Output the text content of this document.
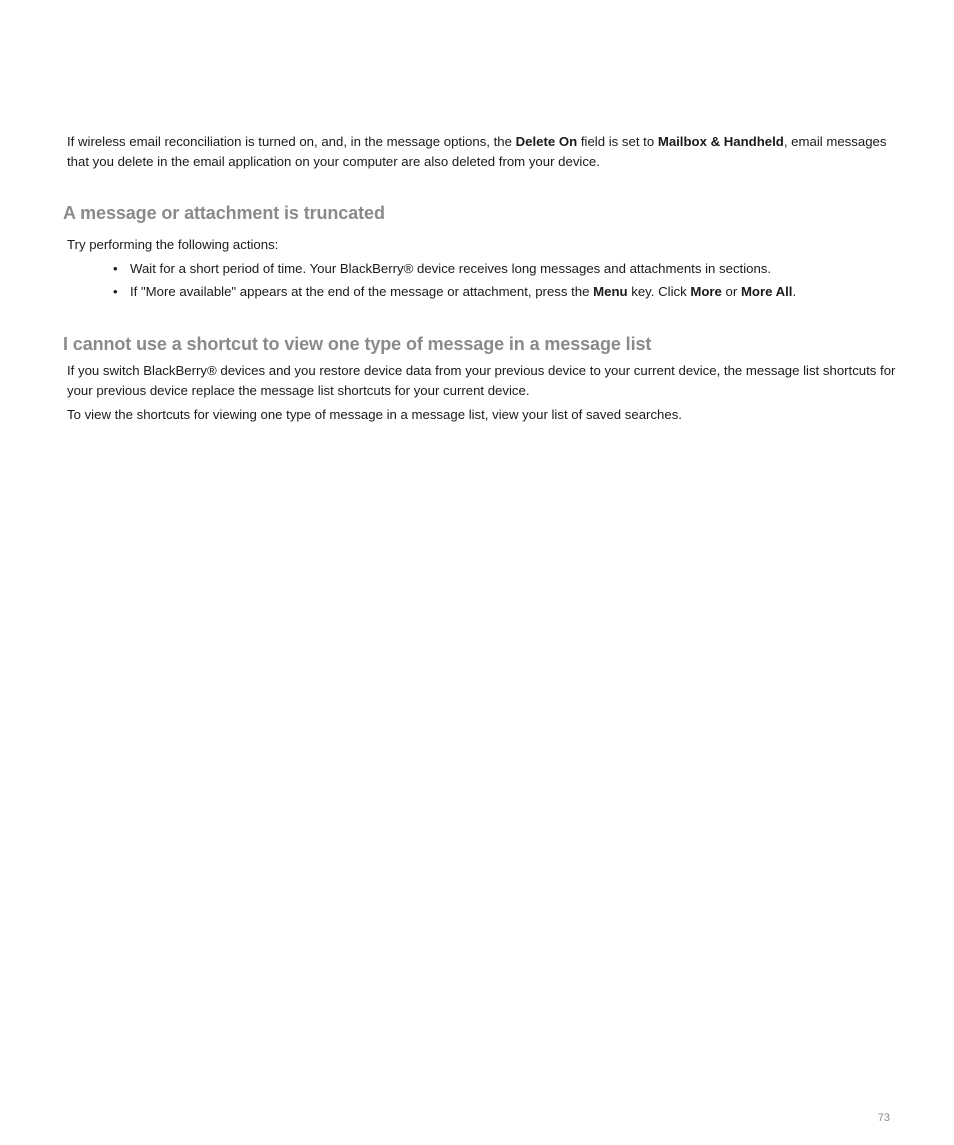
If wireless email reconciliation is turned on, and, in the message options, the Delete On field is set to Mailbox & Handheld, email messages that you delete in the email application on your computer are also deleted from your device.

A message or attachment is truncated

Try performing the following actions:

• Wait for a short period of time. Your BlackBerry® device receives long messages and attachments in sections.
• If "More available" appears at the end of the message or attachment, press the Menu key. Click More or More All.
I cannot use a shortcut to view one type of message in a message list

If you switch BlackBerry® devices and you restore device data from your previous device to your current device, the message list shortcuts for your previous device replace the message list shortcuts for your current device.

To view the shortcuts for viewing one type of message in a message list, view your list of saved searches.

73
